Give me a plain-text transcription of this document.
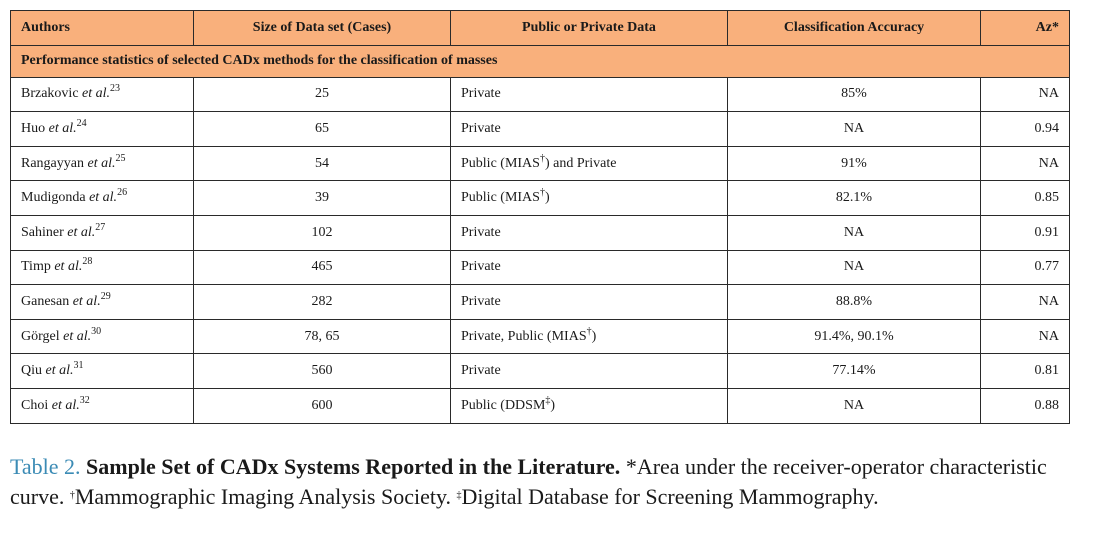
Performance statistics of selected CADx methods for the classification of masses				
Authors	Size of Data set (Cases)	Public or Private Data	Classification Accuracy	Az*
Brzakovic et al.$^{23}$	25	Private	85%	NA
Huo et al.$^{24}$	65	Private	NA	0.94
Rangayyan et al.$^{25}$	54	Public (MIAS†) and Private	91%	NA
Mudigonda et al.$^{26}$	39	Public (MIAS†)	82.1%	0.85
Sahiner et al.$^{27}$	102	Private	NA	0.91
Timp et al.$^{28}$	465	Private	NA	0.77
Ganesan et al.$^{29}$	282	Private	88.8%	NA
Görgel et al.$^{30}$	78, 65	Private, Public (MIAS†)	91.4%, 90.1%	NA
Qiu et al.$^{31}$	560	Private	77.14%	0.81
Choi et al.$^{32}$	600	Public (DDSM‡)	NA	0.88
Table 2. Sample Set of CADx Systems Reported in the Literature. *Area under the receiver-operator characteristic curve. †Mammographic Imaging Analysis Society. ‡Digital Database for Screening Mammography.
